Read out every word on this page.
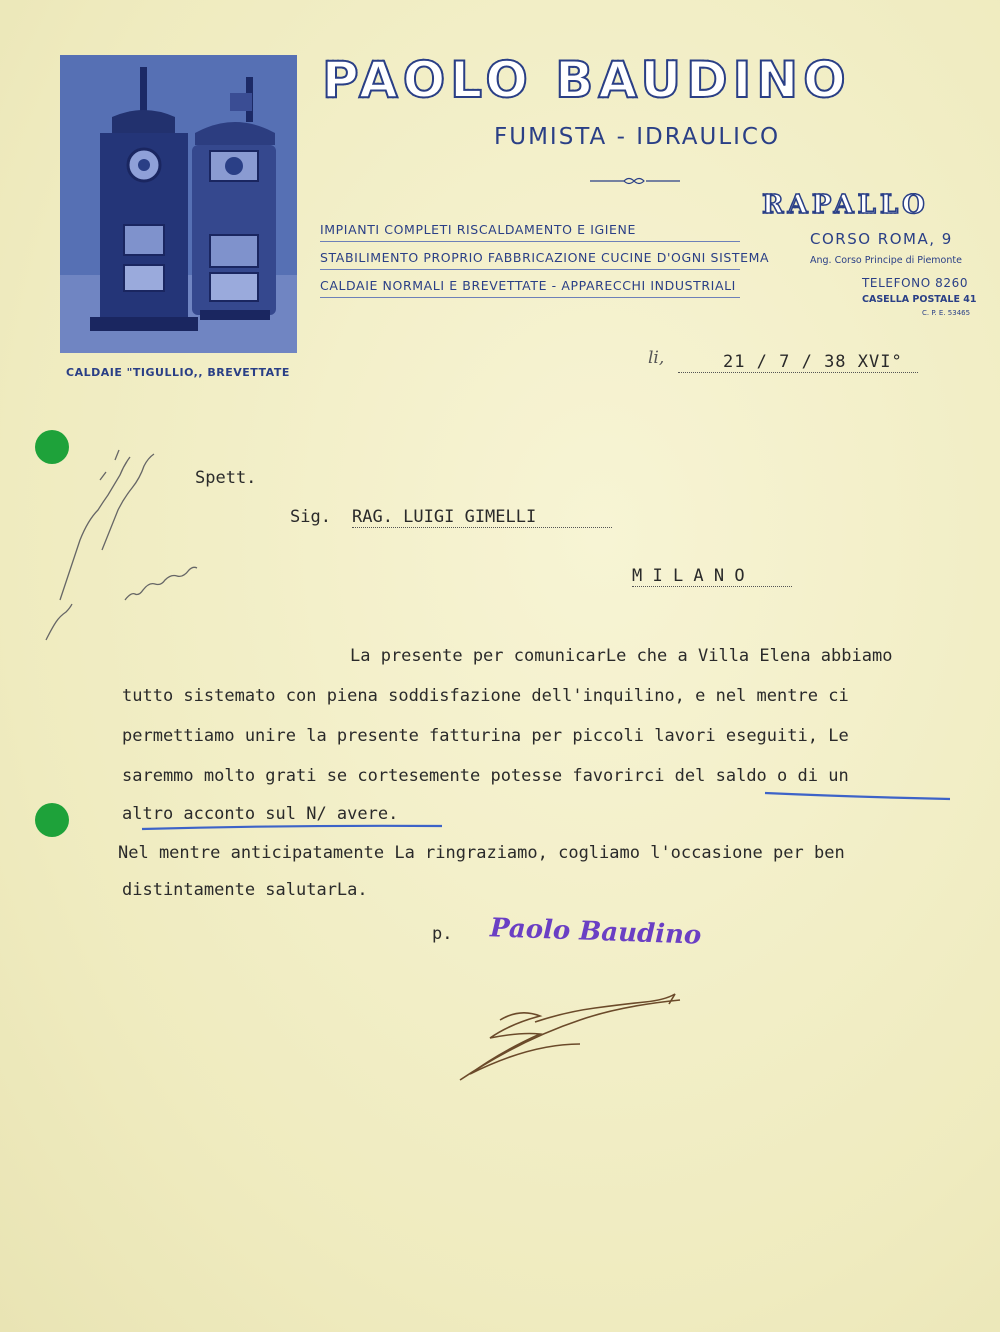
CALDAIE "TIGULLIO,, BREVETTATE
PAOLO BAUDINO
FUMISTA - IDRAULICO
IMPIANTI COMPLETI RISCALDAMENTO E IGIENE
STABILIMENTO PROPRIO FABBRICAZIONE CUCINE D'OGNI SISTEMA
CALDAIE NORMALI E BREVETTATE - APPARECCHI INDUSTRIALI
RAPALLO
CORSO ROMA, 9
Ang. Corso Principe di Piemonte
TELEFONO 8260
CASELLA POSTALE 41
C. P. E. 53465
li,	21 / 7 / 38 XVI°
Spett.
Sig. RAG. LUIGI GIMELLI
M I L A N O
La presente per comunicarLe che a Villa Elena abbiamo
tutto sistemato con piena soddisfazione dell'inquilino, e nel mentre ci
permettiamo unire la presente fatturina per piccoli lavori eseguiti, Le
saremmo molto grati se cortesemente potesse favorirci del saldo o di un
altro acconto sul N/ avere.
Nel mentre anticipatamente La ringraziamo, cogliamo l'occasione per ben
distintamente salutarLa.
p. Paolo Baudino
